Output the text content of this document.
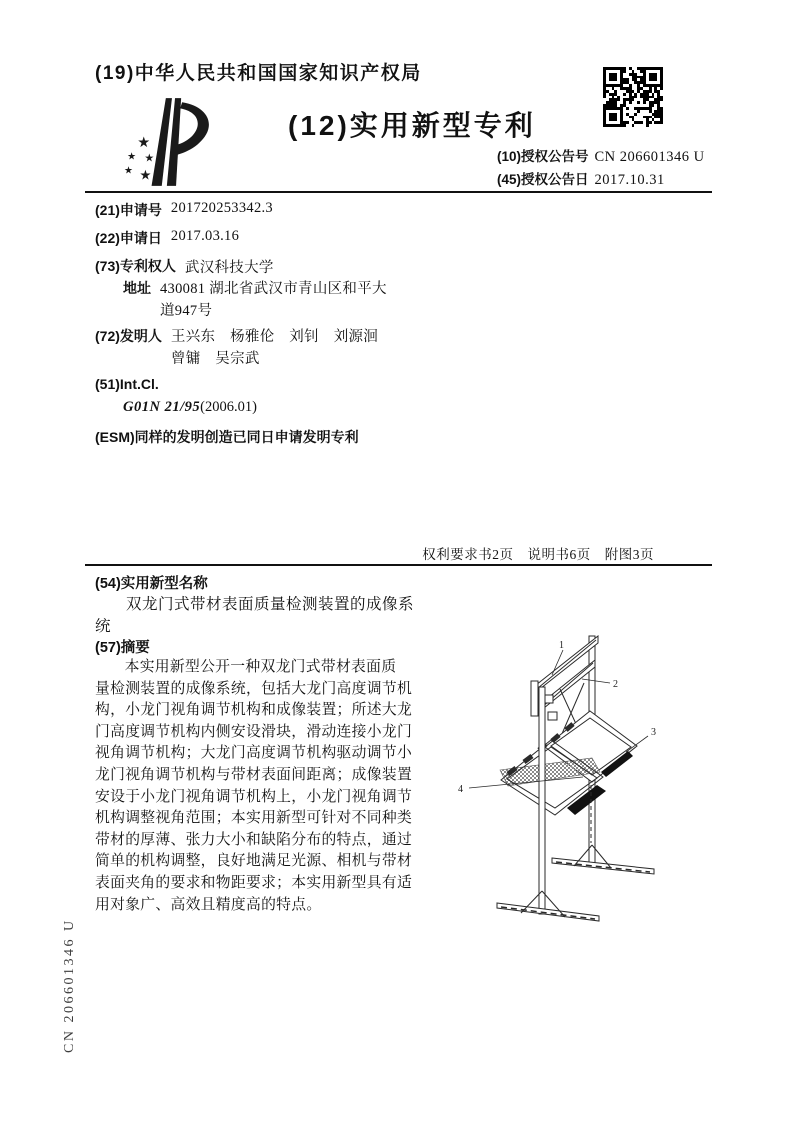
(19)中华人民共和国国家知识产权局
★
★ ★
★ ★
(12)实用新型专利
(10)授权公告号 CN 206601346 U
(45)授权公告日 2017.10.31
(21)申请号 201720253342.3
(22)申请日 2017.03.16
(73)专利权人 武汉科技大学
地址 430081 湖北省武汉市青山区和平大
道947号
(72)发明人 王兴东　杨雅伦　刘钊　刘源洄
曾镛　吴宗武
(51)Int.Cl.
G01N 21/95(2006.01)
(ESM)同样的发明创造已同日申请发明专利
权利要求书2页　说明书6页　附图3页
(54)实用新型名称
双龙门式带材表面质量检测装置的成像系
统
(57)摘要
本实用新型公开一种双龙门式带材表面质
量检测装置的成像系统，包括大龙门高度调节机
构，小龙门视角调节机构和成像装置；所述大龙
门高度调节机构内侧安设滑块，滑动连接小龙门
视角调节机构；大龙门高度调节机构驱动调节小
龙门视角调节机构与带材表面间距离；成像装置
安设于小龙门视角调节机构上，小龙门视角调节
机构调整视角范围；本实用新型可针对不同种类
带材的厚薄、张力大小和缺陷分布的特点，通过
简单的机构调整，良好地满足光源、相机与带材
表面夹角的要求和物距要求；本实用新型具有适
用对象广、高效且精度高的特点。
1
2
3
4
CN 206601346 U
